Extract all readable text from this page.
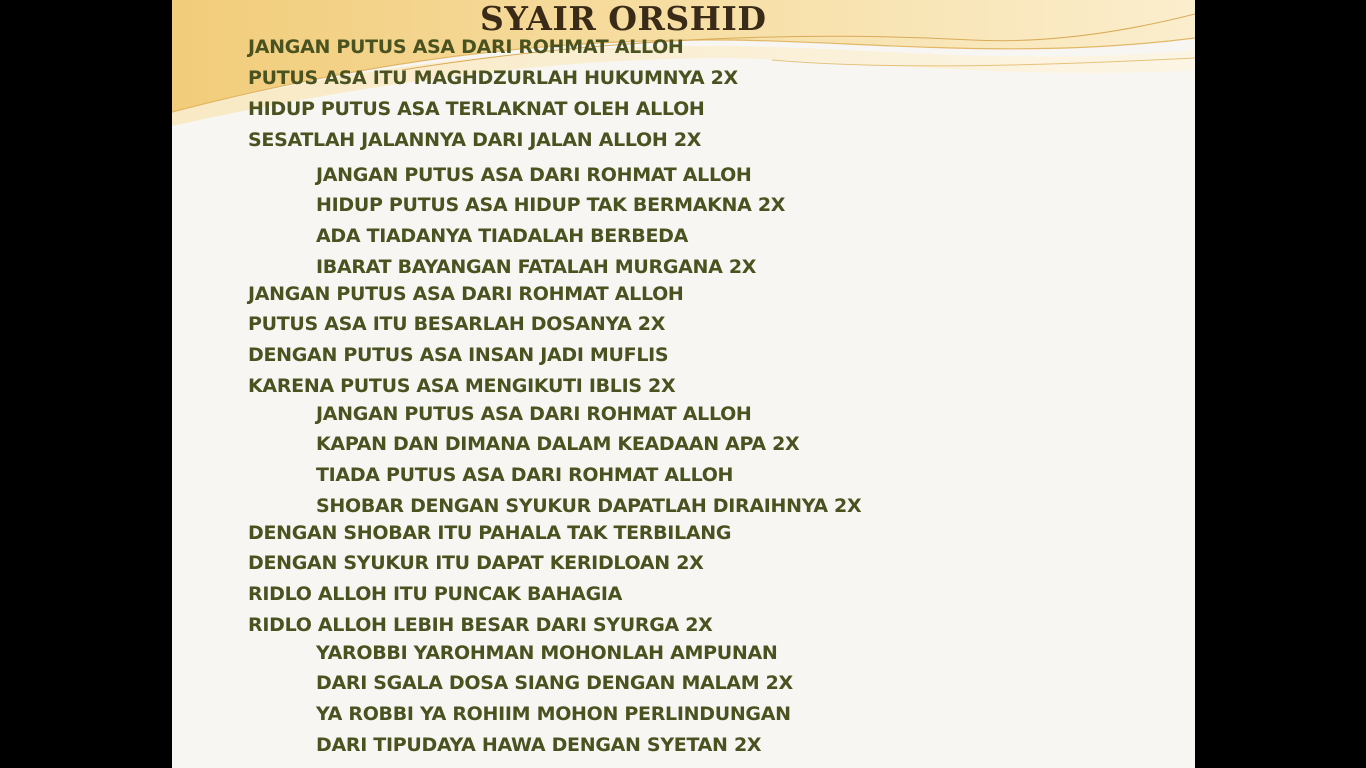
SYAIR ORSHID
JANGAN PUTUS ASA DARI ROHMAT ALLOH
PUTUS ASA ITU MAGHDZURLAH HUKUMNYA 2X
HIDUP PUTUS ASA TERLAKNAT OLEH ALLOH
SESATLAH JALANNYA DARI JALAN ALLOH 2X
JANGAN PUTUS ASA DARI ROHMAT ALLOH
HIDUP PUTUS ASA HIDUP TAK BERMAKNA 2X
ADA TIADANYA TIADALAH BERBEDA
IBARAT BAYANGAN FATALAH MURGANA 2X
JANGAN PUTUS ASA DARI ROHMAT ALLOH
PUTUS ASA ITU BESARLAH DOSANYA 2X
DENGAN PUTUS ASA INSAN JADI MUFLIS
KARENA PUTUS ASA MENGIKUTI IBLIS 2X
JANGAN PUTUS ASA DARI ROHMAT ALLOH
KAPAN DAN DIMANA DALAM KEADAAN APA 2X
TIADA PUTUS ASA DARI ROHMAT ALLOH
SHOBAR DENGAN SYUKUR DAPATLAH DIRAIHNYA 2X
DENGAN SHOBAR ITU PAHALA TAK TERBILANG
DENGAN SYUKUR ITU DAPAT KERIDLOAN 2X
RIDLO ALLOH ITU PUNCAK BAHAGIA
RIDLO ALLOH LEBIH BESAR DARI SYURGA 2X
YAROBBI YAROHMAN MOHONLAH AMPUNAN
DARI SGALA DOSA SIANG DENGAN MALAM 2X
YA ROBBI YA ROHIIM MOHON PERLINDUNGAN
DARI TIPUDAYA HAWA DENGAN SYETAN 2X
